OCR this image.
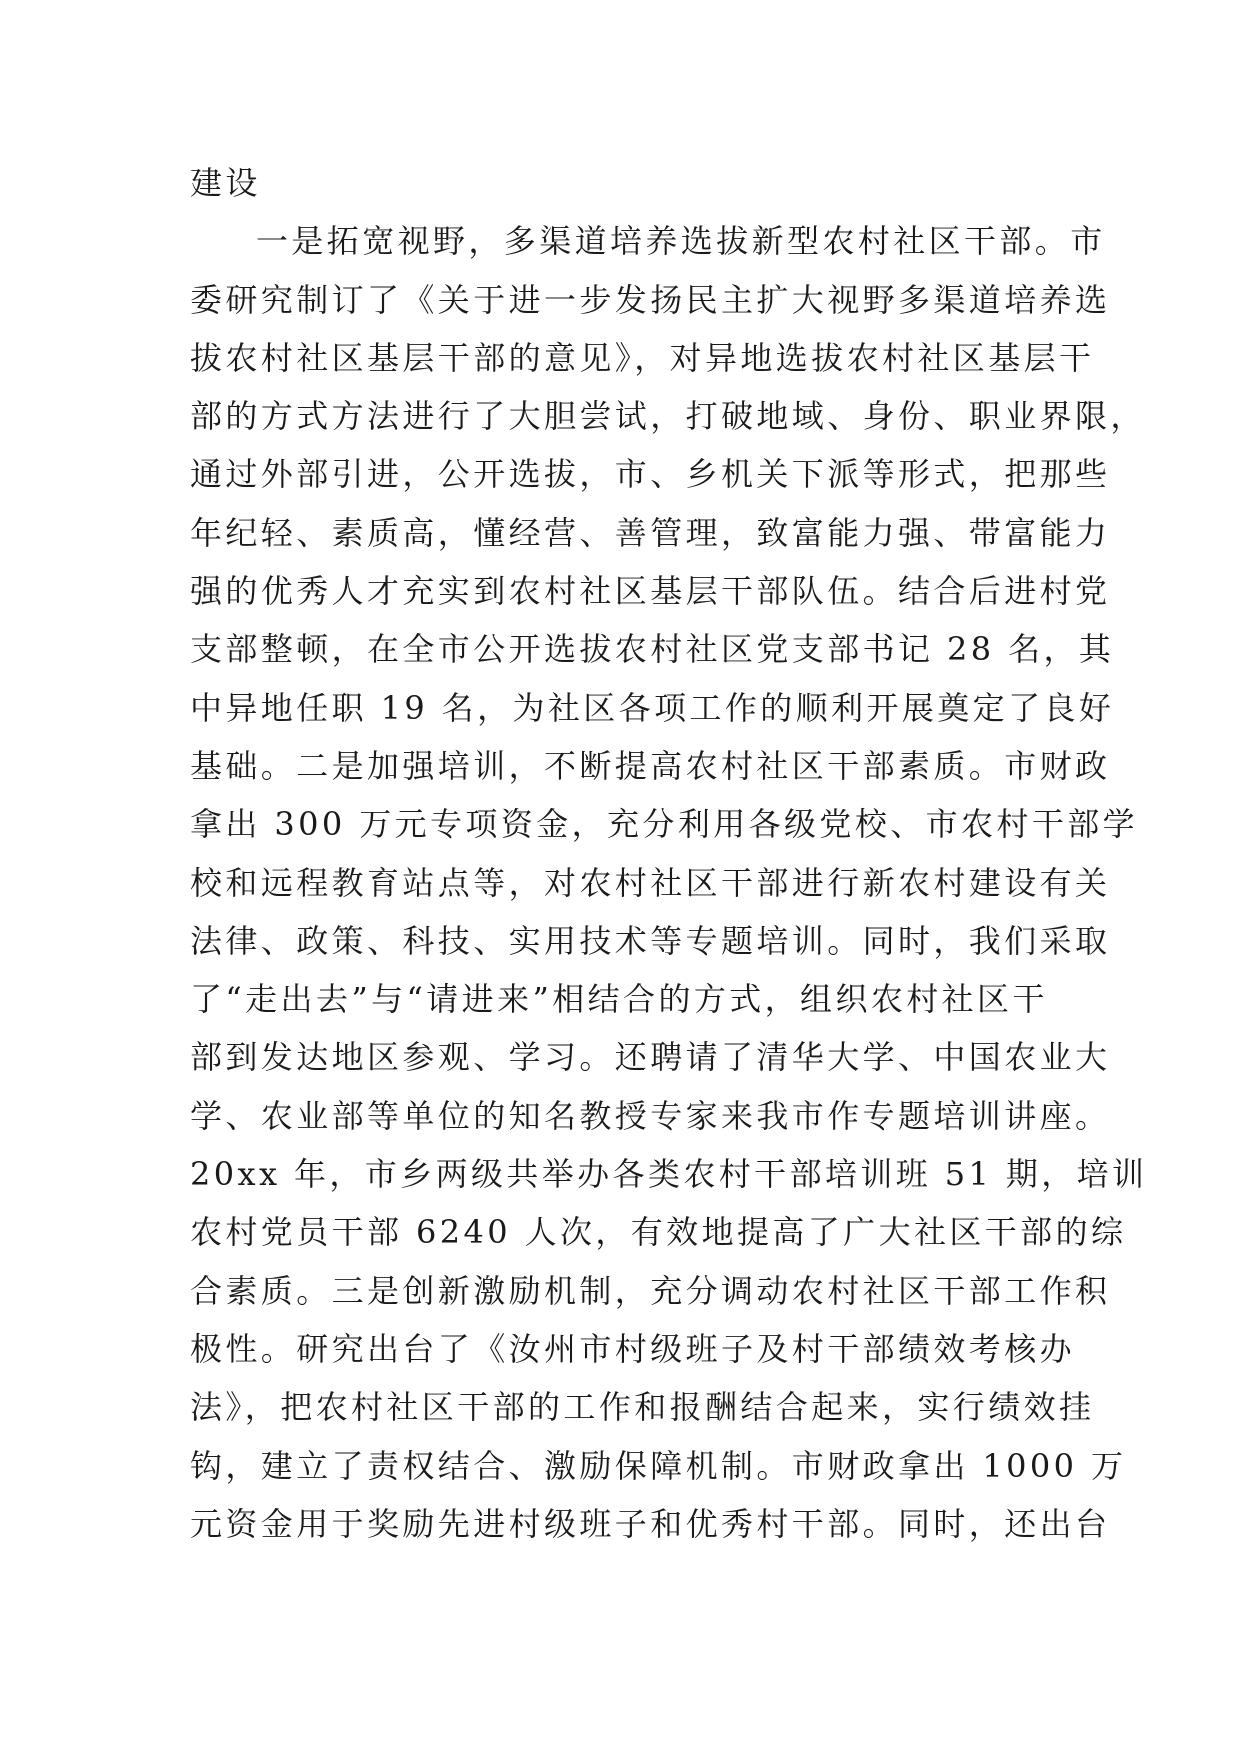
建设
一是拓宽视野，多渠道培养选拔新型农村社区干部。市
委研究制订了《关于进一步发扬民主扩大视野多渠道培养选
拔农村社区基层干部的意见》，对异地选拔农村社区基层干
部的方式方法进行了大胆尝试，打破地域、身份、职业界限，
通过外部引进，公开选拔，市、乡机关下派等形式，把那些
年纪轻、素质高，懂经营、善管理，致富能力强、带富能力
强的优秀人才充实到农村社区基层干部队伍。结合后进村党
支部整顿，在全市公开选拔农村社区党支部书记 28 名，其
中异地任职 19 名，为社区各项工作的顺利开展奠定了良好
基础。二是加强培训，不断提高农村社区干部素质。市财政
拿出 300 万元专项资金，充分利用各级党校、市农村干部学
校和远程教育站点等，对农村社区干部进行新农村建设有关
法律、政策、科技、实用技术等专题培训。同时，我们采取
了“走出去”与“请进来”相结合的方式，组织农村社区干
部到发达地区参观、学习。还聘请了清华大学、中国农业大
学、农业部等单位的知名教授专家来我市作专题培训讲座。
20xx 年，市乡两级共举办各类农村干部培训班 51 期，培训
农村党员干部 6240 人次，有效地提高了广大社区干部的综
合素质。三是创新激励机制，充分调动农村社区干部工作积
极性。研究出台了《汝州市村级班子及村干部绩效考核办
法》，把农村社区干部的工作和报酬结合起来，实行绩效挂
钩，建立了责权结合、激励保障机制。市财政拿出 1000 万
元资金用于奖励先进村级班子和优秀村干部。同时，还出台
